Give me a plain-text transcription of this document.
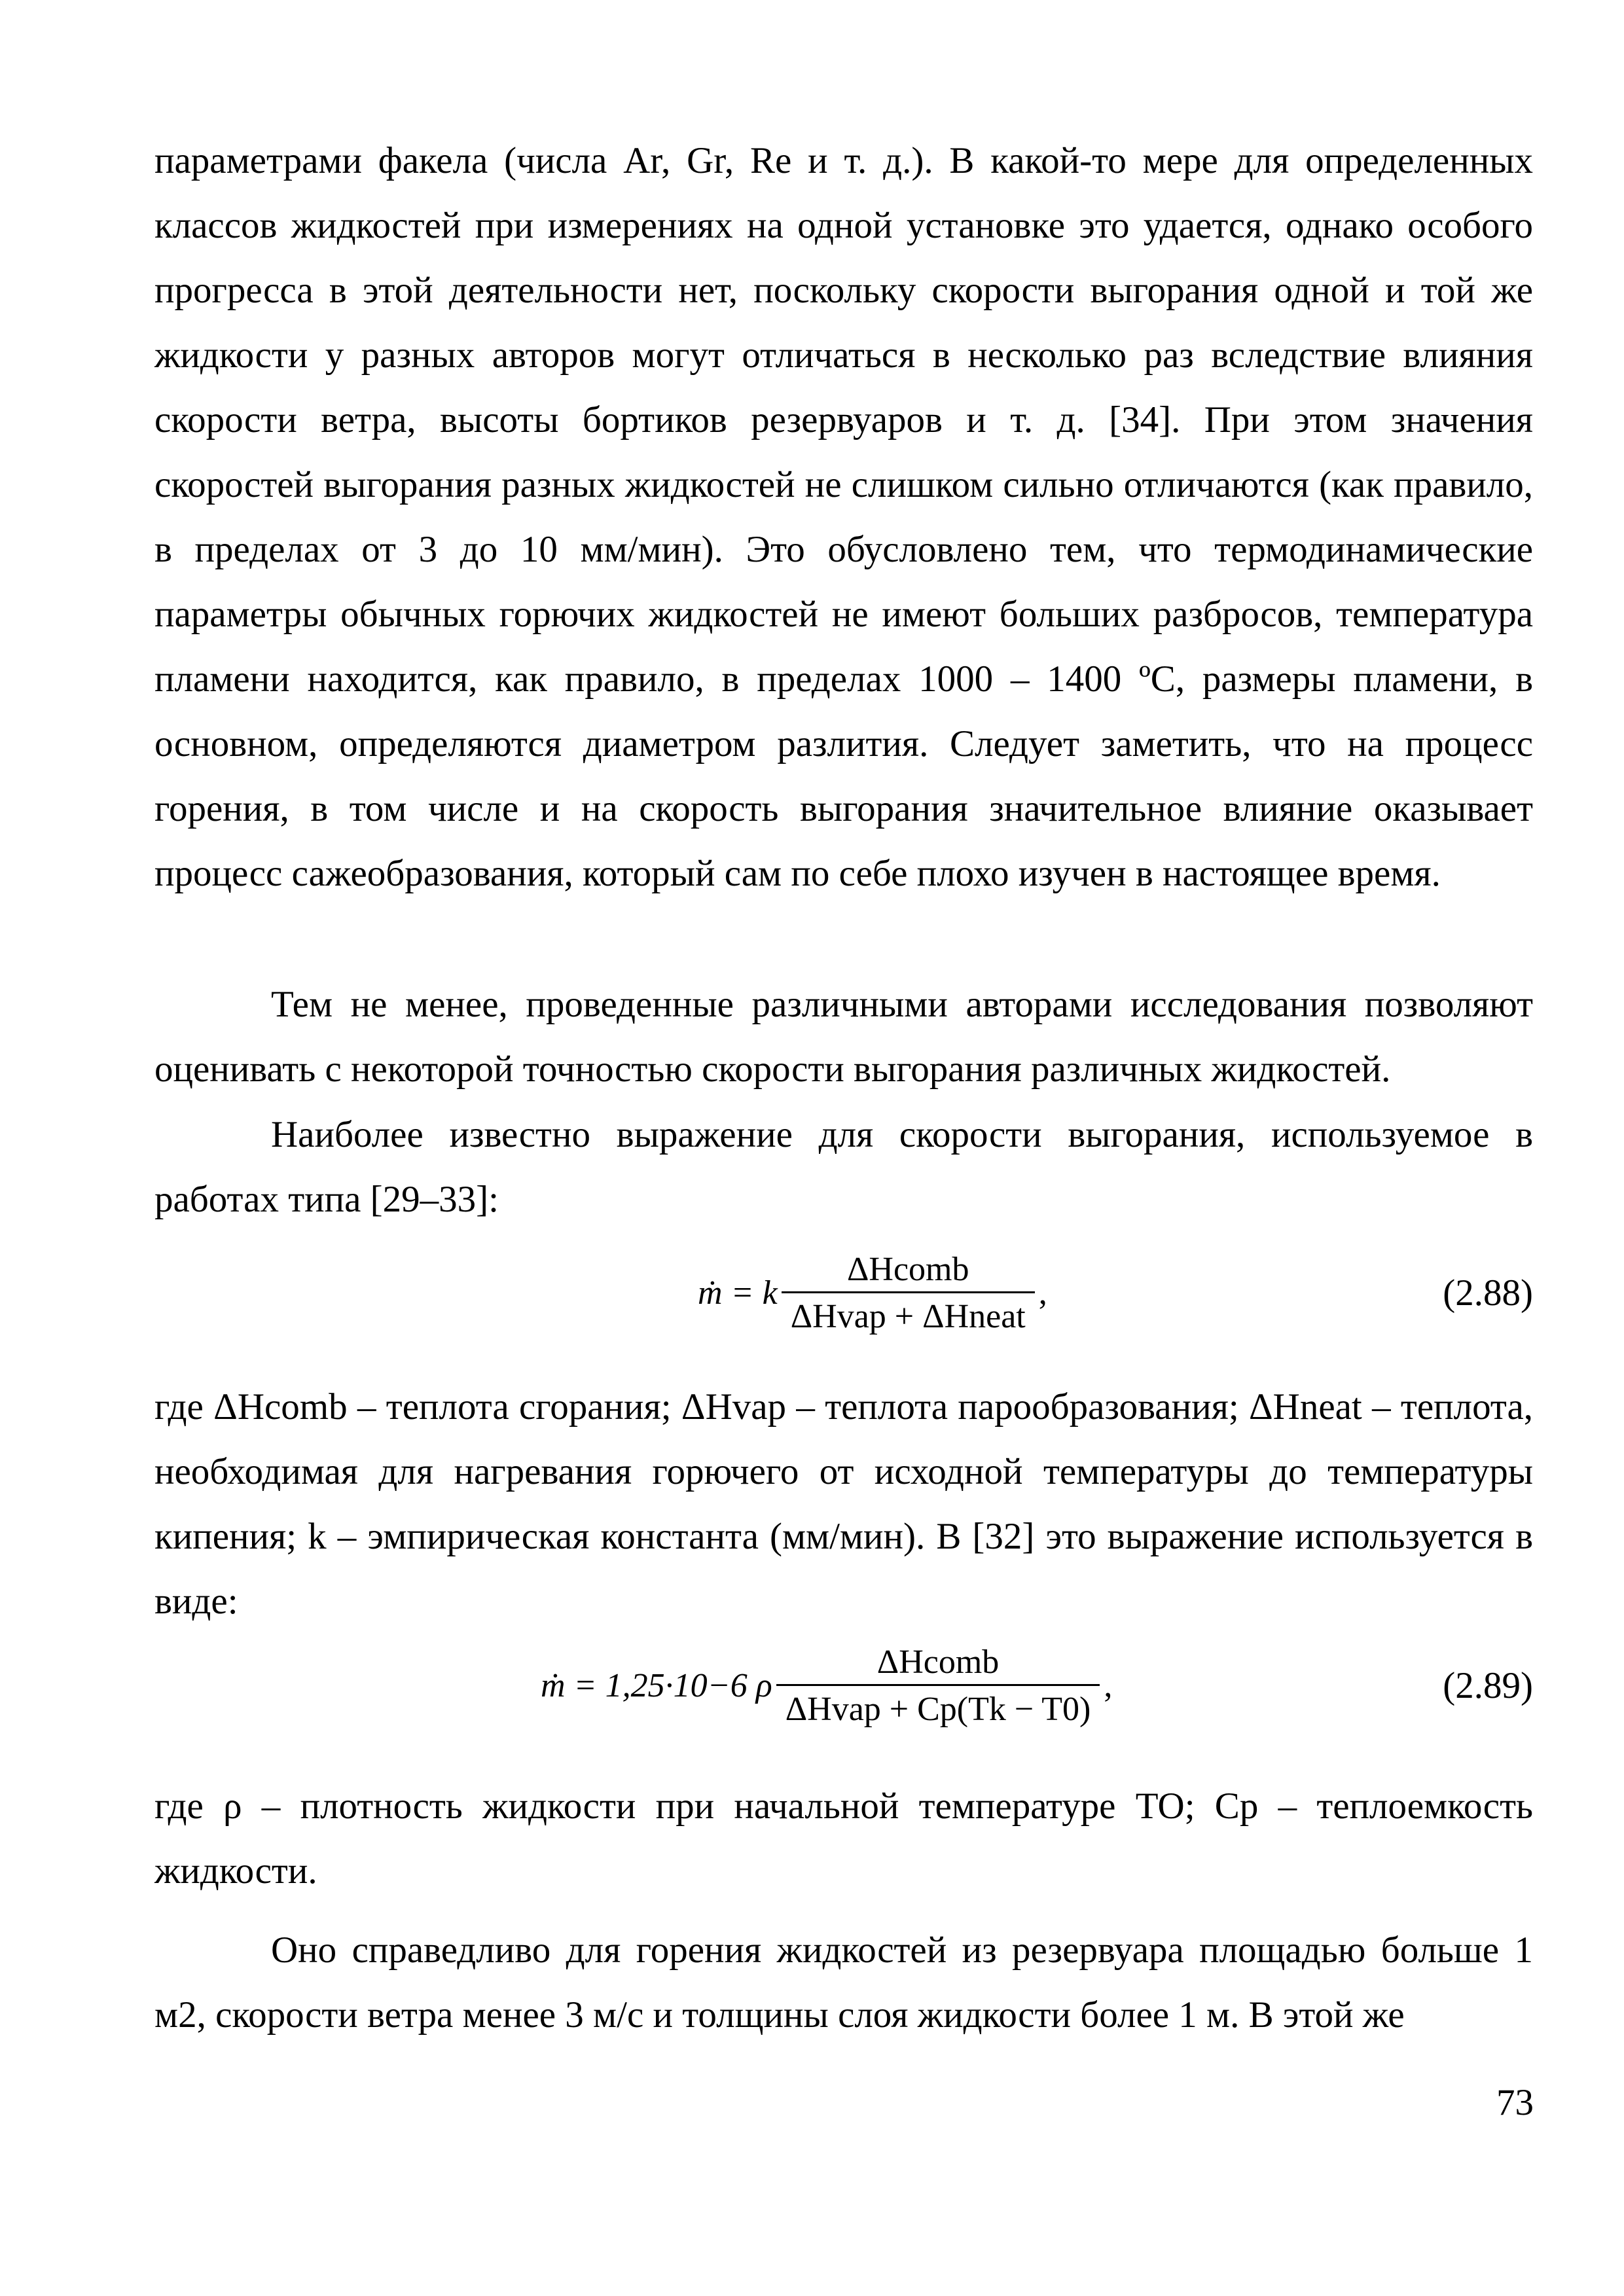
параметрами факела (числа Ar, Gr, Re и т. д.). В какой-то мере для определенных классов жидкостей при измерениях на одной установке это удается, однако особого прогресса в этой деятельности нет, поскольку скорости выгорания одной и той же жидкости у разных авторов могут отличаться в несколько раз вследствие влияния скорости ветра, высоты бортиков резервуаров и т. д. [34]. При этом значения скоростей выгорания разных жидкостей не слишком сильно отличаются (как правило, в пределах от 3 до 10 мм/мин). Это обусловлено тем, что термодинамические параметры обычных горючих жидкостей не имеют больших разбросов, температура пламени находится, как правило, в пределах 1000 – 1400 ºС, размеры пламени, в основном, определяются диаметром разлития. Следует заметить, что на процесс горения, в том числе и на скорость выгорания значительное влияние оказывает процесс сажеобразования, который сам по себе плохо изучен в настоящее время.

Тем не менее, проведенные различными авторами исследования позволяют оценивать с некоторой точностью скорости выгорания различных жидкостей.

Наиболее известно выражение для скорости выгорания, используемое в работах типа [29–33]:

ṁ = k $\frac{\text{ΔHcomb}}{\text{ΔHvap + ΔHneat}}$ ,	(2.88)

где ΔHcomb – теплота сгорания; ΔHvap – теплота парообразования; ΔHneat – теплота, необходимая для нагревания горючего от исходной температуры до температуры кипения; k – эмпирическая константа (мм/мин). В [32] это выражение используется в виде:

ṁ = 1,25·10−6 ρ $\frac{\text{ΔHcomb}}{\text{ΔHvap + Cp(Tk − T0)}}$ ,	(2.89)

где ρ – плотность жидкости при начальной температуре TO; Cp – теплоемкость жидкости.

Оно справедливо для горения жидкостей из резервуара площадью больше 1 м2, скорости ветра менее 3 м/с и толщины слоя жидкости более 1 м. В этой же

73
